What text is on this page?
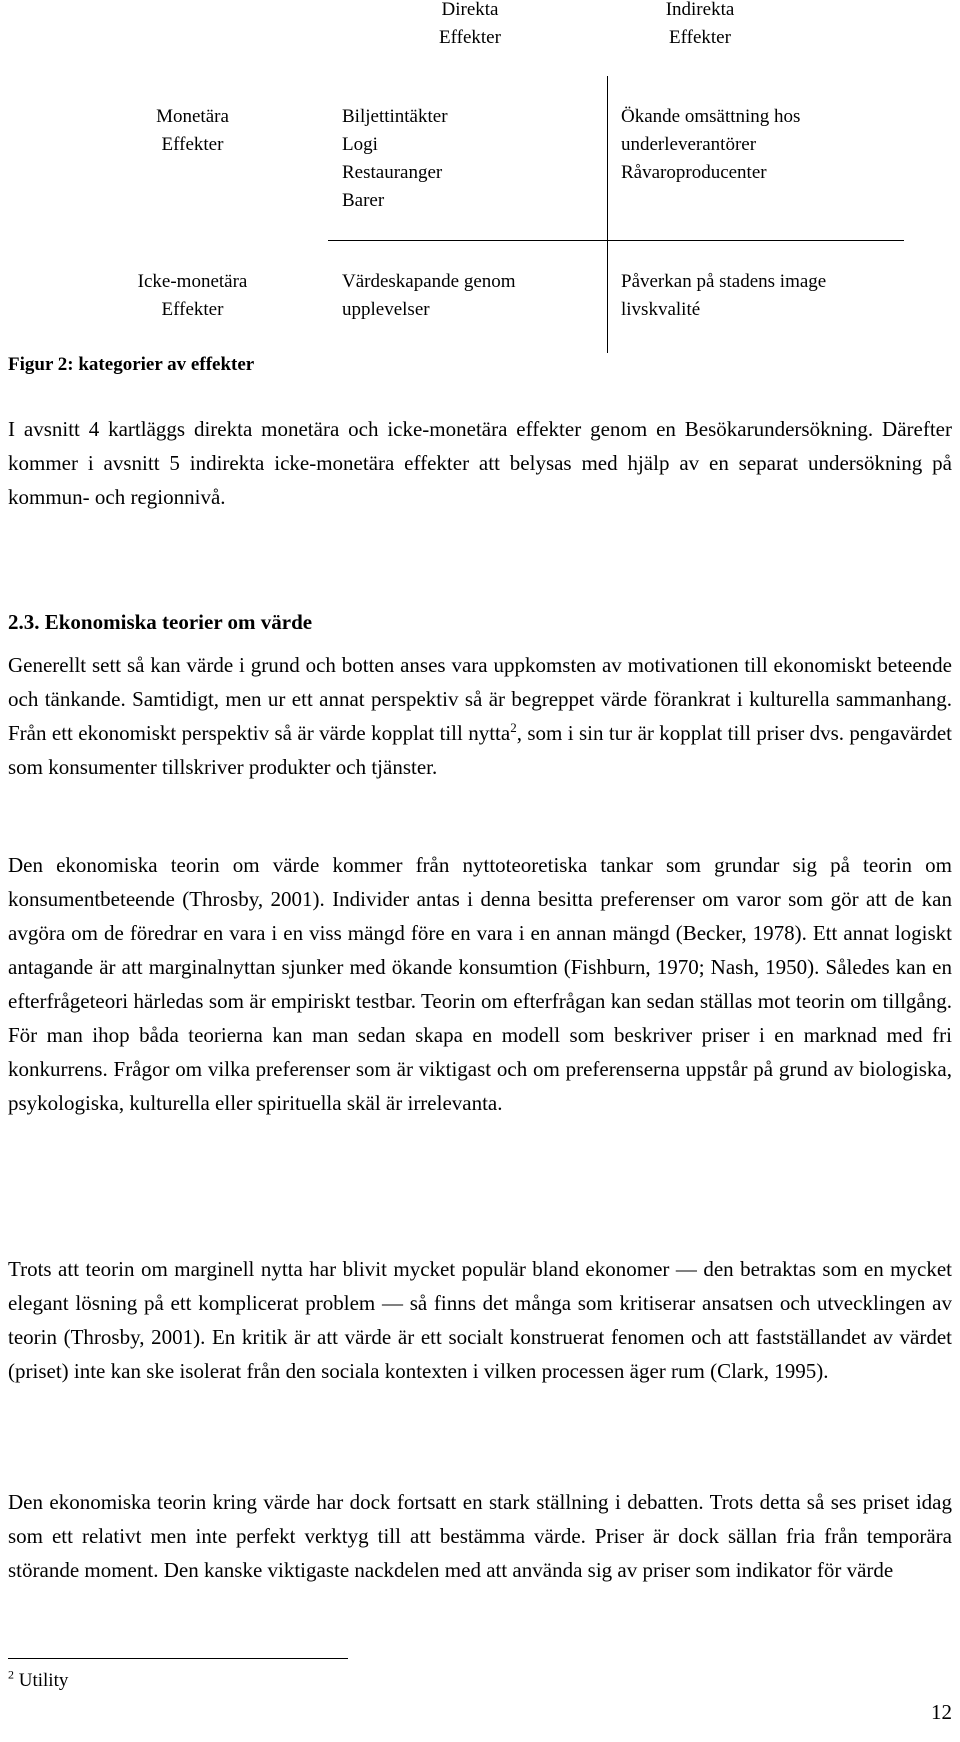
Direkta
Effekter
Indirekta
Effekter
Monetära
Effekter
Biljettintäkter
Logi
Restauranger
Barer
Ökande omsättning hos
underleverantörer
Råvaroproducenter
Icke-monetära
Effekter
Värdeskapande genom
upplevelser
Påverkan på stadens image
livskvalité
Figur 2: kategorier av effekter

I avsnitt 4 kartläggs direkta monetära och icke-monetära effekter genom en Besökarundersökning. Därefter kommer i avsnitt 5 indirekta icke-monetära effekter att belysas med hjälp av en separat undersökning på kommun- och regionnivå.

2.3. Ekonomiska teorier om värde

Generellt sett så kan värde i grund och botten anses vara uppkomsten av motivationen till ekonomiskt beteende och tänkande. Samtidigt, men ur ett annat perspektiv så är begreppet värde förankrat i kulturella sammanhang. Från ett ekonomiskt perspektiv så är värde kopplat till nytta$^2$, som i sin tur är kopplat till priser dvs. pengavärdet som konsumenter tillskriver produkter och tjänster.

Den ekonomiska teorin om värde kommer från nyttoteoretiska tankar som grundar sig på teorin om konsumentbeteende (Throsby, 2001). Individer antas i denna besitta preferenser om varor som gör att de kan avgöra om de föredrar en vara i en viss mängd före en vara i en annan mängd (Becker, 1978). Ett annat logiskt antagande är att marginalnyttan sjunker med ökande konsumtion (Fishburn, 1970; Nash, 1950). Således kan en efterfrågeteori härledas som är empiriskt testbar. Teorin om efterfrågan kan sedan ställas mot teorin om tillgång. För man ihop båda teorierna kan man sedan skapa en modell som beskriver priser i en marknad med fri konkurrens. Frågor om vilka preferenser som är viktigast och om preferenserna uppstår på grund av biologiska, psykologiska, kulturella eller spirituella skäl är irrelevanta.

Trots att teorin om marginell nytta har blivit mycket populär bland ekonomer — den betraktas som en mycket elegant lösning på ett komplicerat problem — så finns det många som kritiserar ansatsen och utvecklingen av teorin (Throsby, 2001). En kritik är att värde är ett socialt konstruerat fenomen och att fastställandet av värdet (priset) inte kan ske isolerat från den sociala kontexten i vilken processen äger rum (Clark, 1995).

Den ekonomiska teorin kring värde har dock fortsatt en stark ställning i debatten. Trots detta så ses priset idag som ett relativt men inte perfekt verktyg till att bestämma värde. Priser är dock sällan fria från temporära störande moment. Den kanske viktigaste nackdelen med att använda sig av priser som indikator för värde

$^2$ Utility
12
